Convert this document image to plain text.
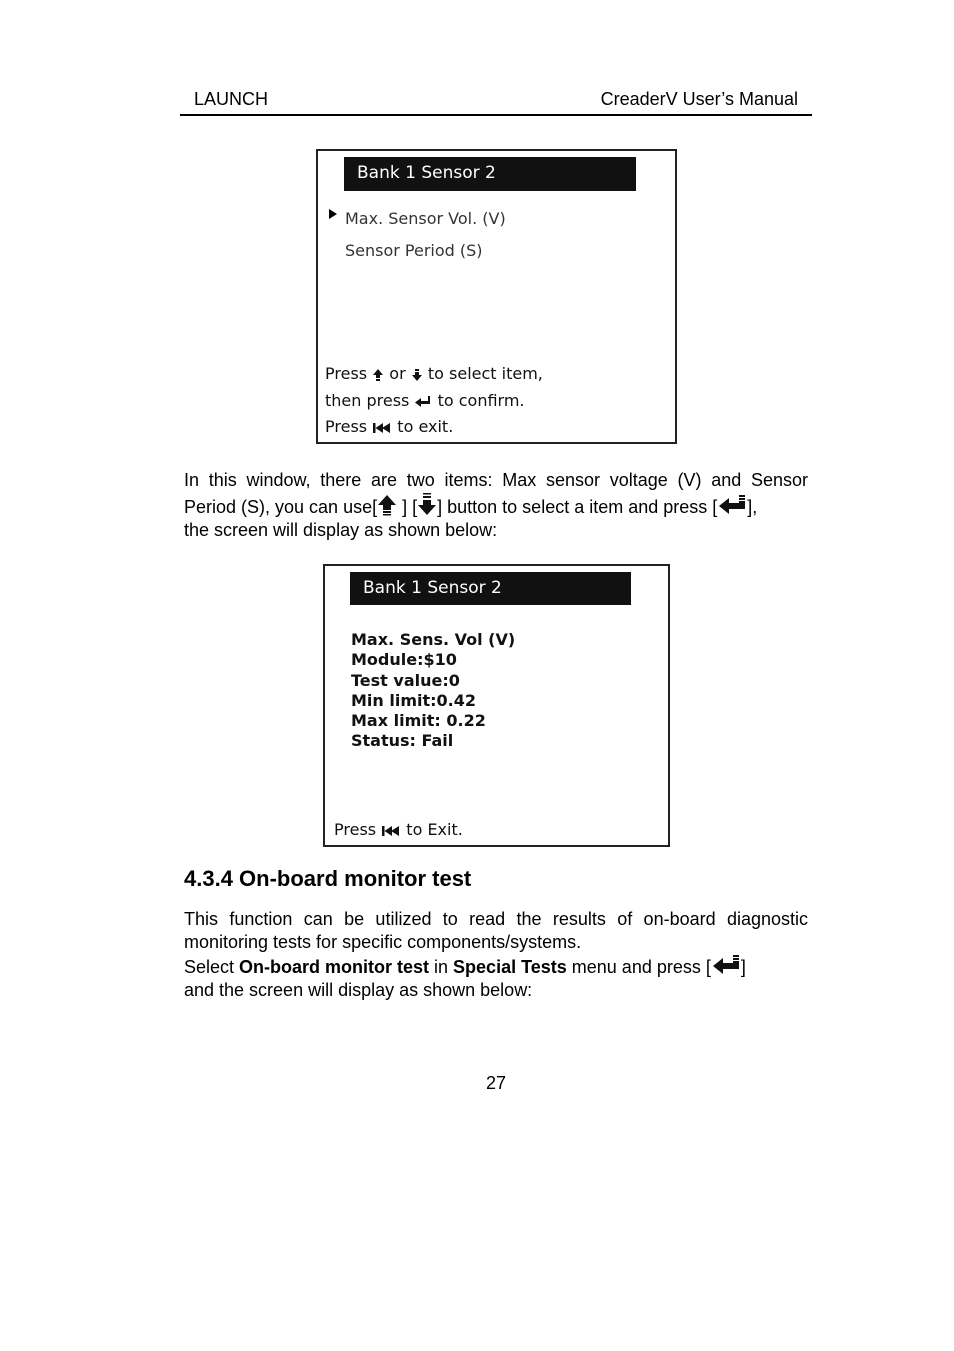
LAUNCH	CreaderV User’s Manual
Bank 1 Sensor 2
Max. Sensor Vol. (V)
Sensor Period (S)
Press or to select item,
then press to confirm.
Press to exit.
In this window, there are two items: Max sensor voltage (V) and Sensor
Period (S), you can use[ ] [ ] button to select a item and press [ ],
the screen will display as shown below:
Bank 1 Sensor 2
Max. Sens. Vol (V)
Module:$10
Test value:0
Min limit:0.42
Max limit: 0.22
Status: Fail
Press to Exit.
4.3.4 On-board monitor test
This function can be utilized to read the results of on-board diagnostic
monitoring tests for specific components/systems.
Select On-board monitor test in Special Tests menu and press [ ]
and the screen will display as shown below:
27
